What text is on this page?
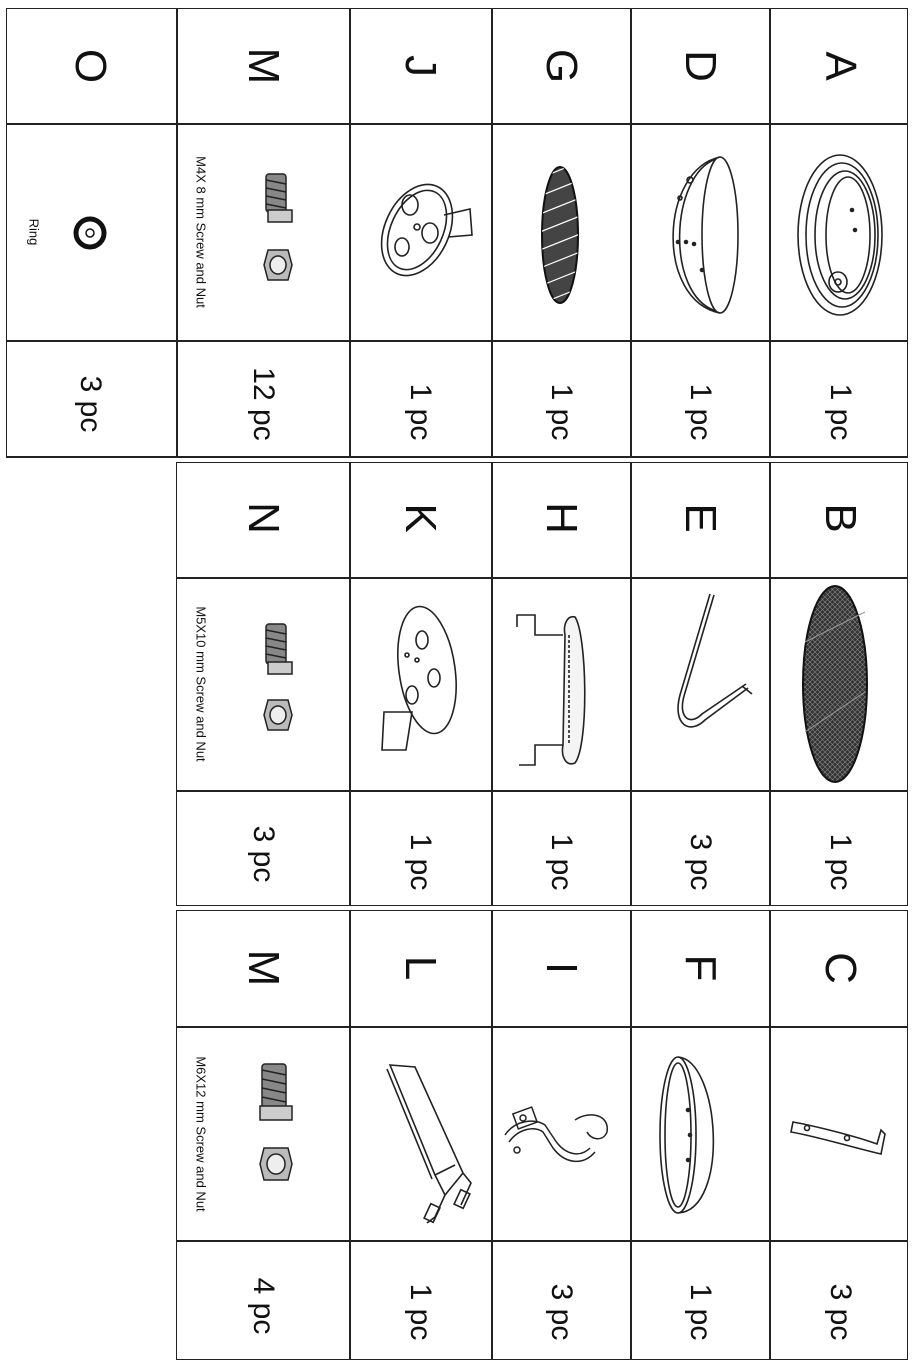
A
D
G
J
M
O
B
E
H
K
N
C
F
I
L
M
1 pc
1 pc
1 pc
1 pc
12 pc
3 pc
1 pc
3 pc
1 pc
1 pc
3 pc
3 pc
1 pc
3 pc
1 pc
4 pc
M4X 8 mm Screw and Nut
Ring
M5X10 mm Screw and Nut
M6X12 mm Screw and Nut
